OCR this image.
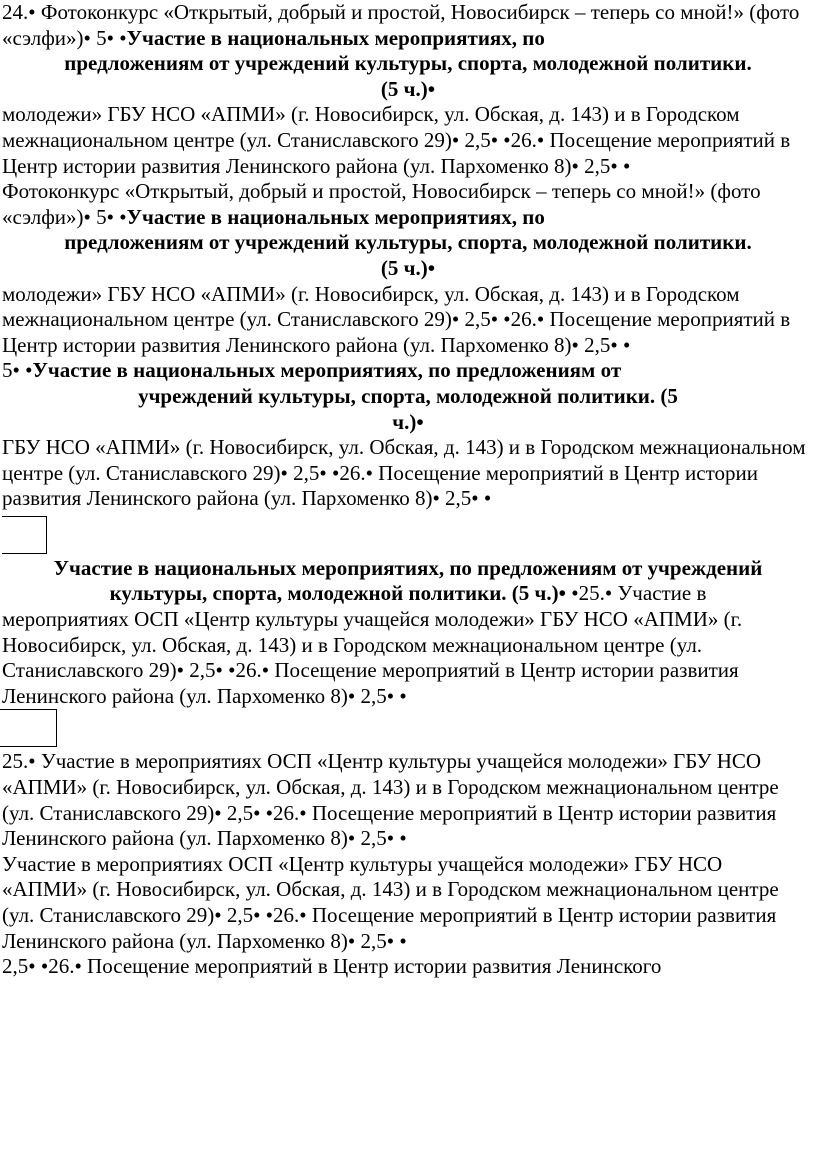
24.• Фотоконкурс «Открытый, добрый и простой, Новосибирск – теперь со мной!» (фото «сэлфи»)• 5• •Участие в национальных мероприятиях, по

предложениям от учреждений культуры, спорта, молодежной политики.

(5 ч.)•

молодежи» ГБУ НСО «АПМИ» (г. Новосибирск, ул. Обская, д. 143) и в Городском межнациональном центре (ул. Станиславского 29)• 2,5• •26.• Посещение мероприятий в Центр истории развития Ленинского района (ул. Пархоменко 8)• 2,5• •

Фотоконкурс «Открытый, добрый и простой, Новосибирск – теперь со мной!» (фото «сэлфи»)• 5• •Участие в национальных мероприятиях, по

предложениям от учреждений культуры, спорта, молодежной политики.

(5 ч.)•

молодежи» ГБУ НСО «АПМИ» (г. Новосибирск, ул. Обская, д. 143) и в Городском межнациональном центре (ул. Станиславского 29)• 2,5• •26.• Посещение мероприятий в Центр истории развития Ленинского района (ул. Пархоменко 8)• 2,5• •

5• •Участие в национальных мероприятиях, по предложениям от

учреждений культуры, спорта, молодежной политики. (5

ч.)•

ГБУ НСО «АПМИ» (г. Новосибирск, ул. Обская, д. 143) и в Городском межнациональном центре (ул. Станиславского 29)• 2,5• •26.• Посещение мероприятий в Центр истории развития Ленинского района (ул. Пархоменко 8)• 2,5• •

Участие в национальных мероприятиях, по предложениям от учреждений

культуры, спорта, молодежной политики. (5 ч.)• •25.• Участие в

мероприятиях ОСП «Центр культуры учащейся молодежи» ГБУ НСО «АПМИ» (г. Новосибирск, ул. Обская, д. 143) и в Городском межнациональном центре (ул. Станиславского 29)• 2,5• •26.• Посещение мероприятий в Центр истории развития Ленинского района (ул. Пархоменко 8)• 2,5• •

25.• Участие в мероприятиях ОСП «Центр культуры учащейся молодежи» ГБУ НСО «АПМИ» (г. Новосибирск, ул. Обская, д. 143) и в Городском межнациональном центре (ул. Станиславского 29)• 2,5• •26.• Посещение мероприятий в Центр истории развития Ленинского района (ул. Пархоменко 8)• 2,5• •

Участие в мероприятиях ОСП «Центр культуры учащейся молодежи» ГБУ НСО «АПМИ» (г. Новосибирск, ул. Обская, д. 143) и в Городском межнациональном центре (ул. Станиславского 29)• 2,5• •26.• Посещение мероприятий в Центр истории развития Ленинского района (ул. Пархоменко 8)• 2,5• •

2,5• •26.• Посещение мероприятий в Центр истории развития Ленинского
